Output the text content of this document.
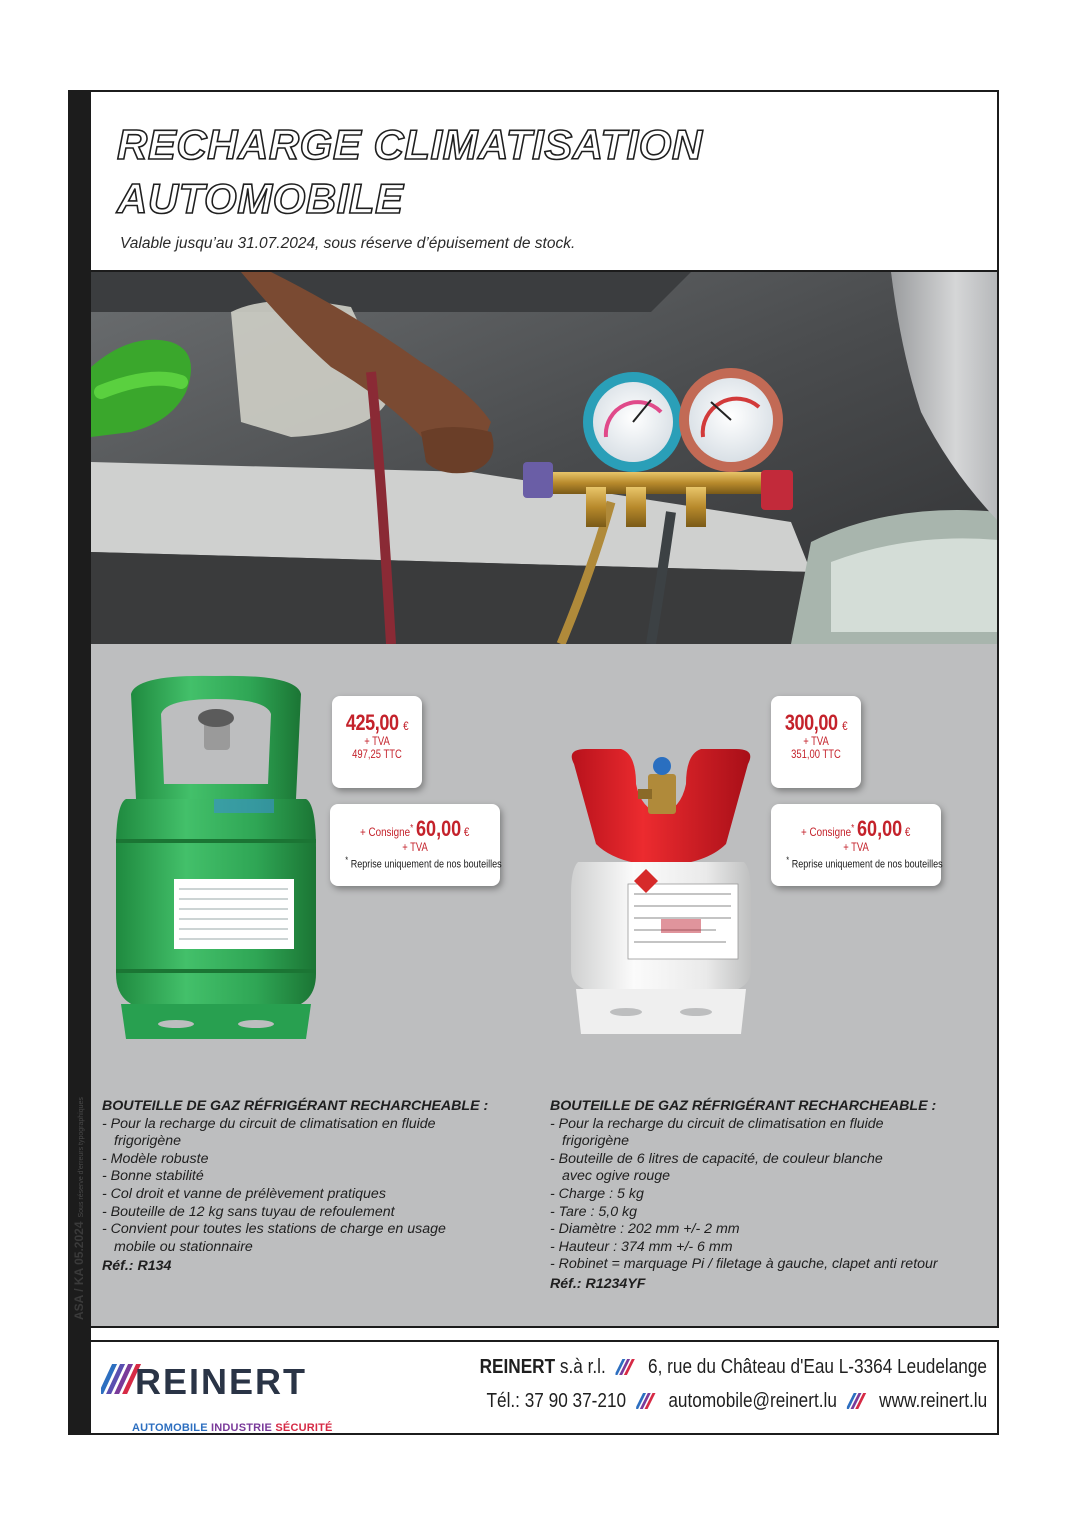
ASA / KA 05.2024Sous réserve d'erreurs typographiques
RECHARGE CLIMATISATION
AUTOMOBILE
Valable jusqu’au 31.07.2024, sous réserve d’épuisement de stock.
425,00 €
+ TVA
497,25 TTC
+ Consigne* 60,00 €
+ TVA
* Reprise uniquement de nos bouteilles
300,00 €
+ TVA
351,00 TTC
+ Consigne* 60,00 €
+ TVA
* Reprise uniquement de nos bouteilles
BOUTEILLE DE GAZ RÉFRIGÉRANT RECHARCHEABLE :
- Pour la recharge du circuit de climatisation en fluide
frigorigène
- Modèle robuste
- Bonne stabilité
- Col droit et vanne de prélèvement pratiques
- Bouteille de 12 kg sans tuyau de refoulement
- Convient pour toutes les stations de charge en usage
mobile ou stationnaire
Réf.: R134
BOUTEILLE DE GAZ RÉFRIGÉRANT RECHARCHEABLE :
- Pour la recharge du circuit de climatisation en fluide
frigorigène
- Bouteille de 6 litres de capacité, de couleur blanche
avec ogive rouge
- Charge : 5 kg
- Tare : 5,0 kg
- Diamètre : 202 mm +/- 2 mm
- Hauteur : 374 mm +/- 6 mm
- Robinet = marquage Pi / filetage à gauche, clapet anti retour
Réf.: R1234YF
REINERT
AUTOMOBILE INDUSTRIE SÉCURITÉ
REINERT s.à r.l. 6, rue du Château d'Eau L-3364 Leudelange
Tél.: 37 90 37-210 automobile@reinert.lu www.reinert.lu
